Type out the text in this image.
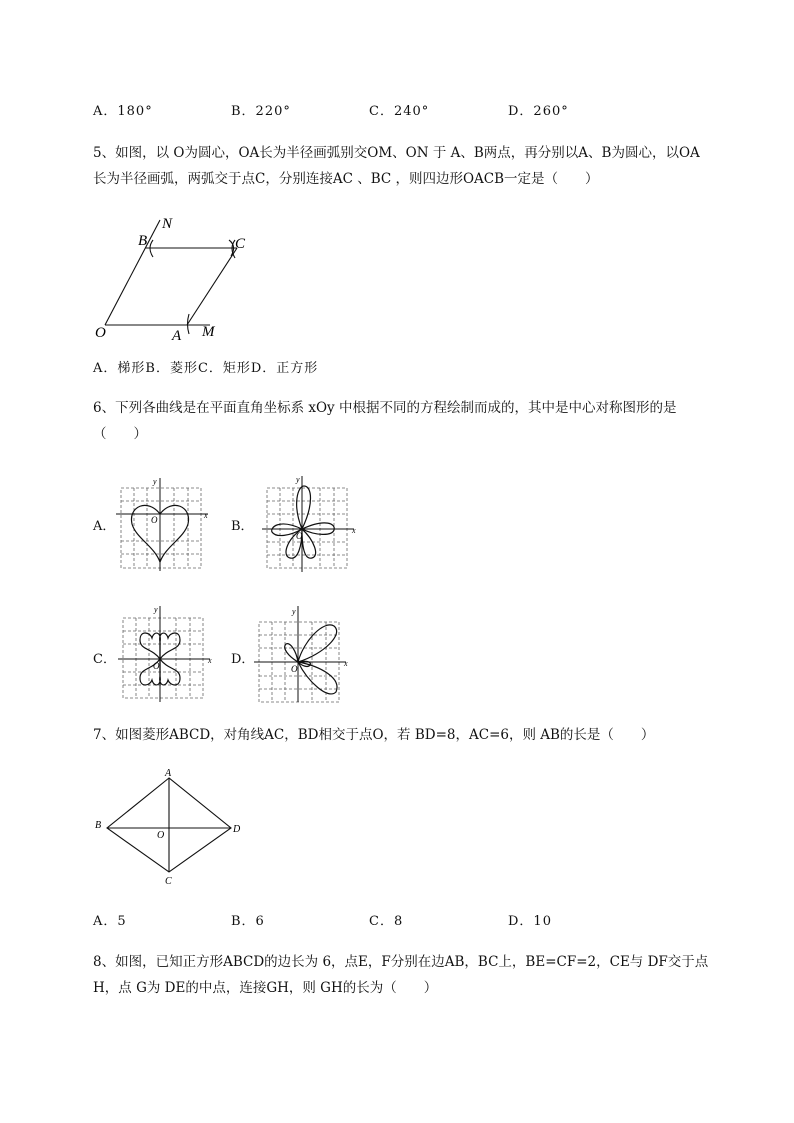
A．180°	B．220°	C．240°	D．260°
5、如图，以 O为圆心，OA长为半径画弧别交OM、ON 于 A、B两点，再分别以A、B为圆心，以OA
长为半径画弧，两弧交于点C，分别连接AC 、BC ，则四边形OACB一定是（　　）
N
B	C
O	A M
A．梯形B．菱形C．矩形D．正方形
6、下列各曲线是在平面直角坐标系 xOy 中根据不同的方程绘制而成的，其中是中心对称图形的是
（　　）
A．
x
y
O	B．	x
y
O
C．	x
y
O	D．	x
y
O
7、如图菱形ABCD，对角线AC，BD相交于点O，若 BD=8，AC=6，则 AB的长是（　　）
A
B
C
D
O
A．5	B．6	C．8	D．10
8、如图，已知正方形ABCD的边长为 6，点E，F分别在边AB，BC上，BE=CF=2，CE与 DF交于点
H，点 G为 DE的中点，连接GH，则 GH的长为（　　）
